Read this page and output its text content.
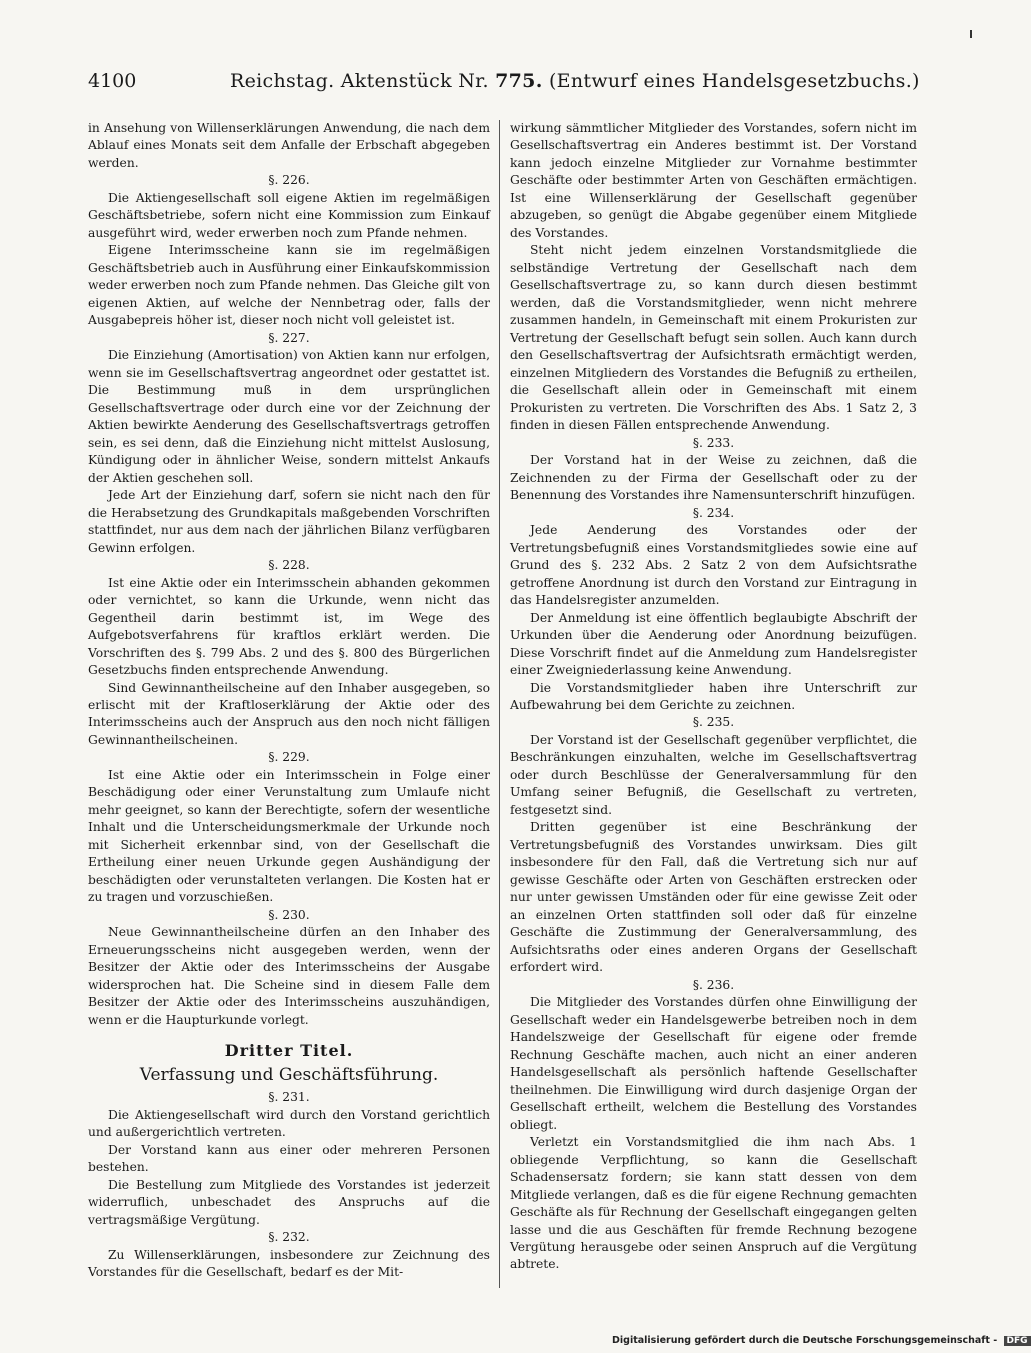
4100	Reichstag. Aktenstück Nr. 775. (Entwurf eines Handelsgesetzbuchs.)
in Ansehung von Willenserklärungen Anwendung, die nach dem Ablauf eines Monats seit dem Anfalle der Erbschaft abgegeben werden.
§. 226.
Die Aktiengesellschaft soll eigene Aktien im regelmäßigen Geschäftsbetriebe, sofern nicht eine Kommission zum Einkauf ausgeführt wird, weder erwerben noch zum Pfande nehmen.
Eigene Interimsscheine kann sie im regelmäßigen Geschäftsbetrieb auch in Ausführung einer Einkaufskommission weder erwerben noch zum Pfande nehmen. Das Gleiche gilt von eigenen Aktien, auf welche der Nennbetrag oder, falls der Ausgabepreis höher ist, dieser noch nicht voll geleistet ist.
§. 227.
Die Einziehung (Amortisation) von Aktien kann nur erfolgen, wenn sie im Gesellschaftsvertrag angeordnet oder gestattet ist. Die Bestimmung muß in dem ursprünglichen Gesellschaftsvertrage oder durch eine vor der Zeichnung der Aktien bewirkte Aenderung des Gesellschaftsvertrags getroffen sein, es sei denn, daß die Einziehung nicht mittelst Auslosung, Kündigung oder in ähnlicher Weise, sondern mittelst Ankaufs der Aktien geschehen soll.
Jede Art der Einziehung darf, sofern sie nicht nach den für die Herabsetzung des Grundkapitals maßgebenden Vorschriften stattfindet, nur aus dem nach der jährlichen Bilanz verfügbaren Gewinn erfolgen.
§. 228.
Ist eine Aktie oder ein Interimsschein abhanden gekommen oder vernichtet, so kann die Urkunde, wenn nicht das Gegentheil darin bestimmt ist, im Wege des Aufgebotsverfahrens für kraftlos erklärt werden. Die Vorschriften des §. 799 Abs. 2 und des §. 800 des Bürgerlichen Gesetzbuchs finden entsprechende Anwendung.
Sind Gewinnantheilscheine auf den Inhaber ausgegeben, so erlischt mit der Kraftloserklärung der Aktie oder des Interimsscheins auch der Anspruch aus den noch nicht fälligen Gewinnantheilscheinen.
§. 229.
Ist eine Aktie oder ein Interimsschein in Folge einer Beschädigung oder einer Verunstaltung zum Umlaufe nicht mehr geeignet, so kann der Berechtigte, sofern der wesentliche Inhalt und die Unterscheidungsmerkmale der Urkunde noch mit Sicherheit erkennbar sind, von der Gesellschaft die Ertheilung einer neuen Urkunde gegen Aushändigung der beschädigten oder verunstalteten verlangen. Die Kosten hat er zu tragen und vorzuschießen.
§. 230.
Neue Gewinnantheilscheine dürfen an den Inhaber des Erneuerungsscheins nicht ausgegeben werden, wenn der Besitzer der Aktie oder des Interimsscheins der Ausgabe widersprochen hat. Die Scheine sind in diesem Falle dem Besitzer der Aktie oder des Interimsscheins auszuhändigen, wenn er die Haupturkunde vorlegt.
Dritter Titel.
Verfassung und Geschäftsführung.
§. 231.
Die Aktiengesellschaft wird durch den Vorstand gerichtlich und außergerichtlich vertreten.
Der Vorstand kann aus einer oder mehreren Personen bestehen.
Die Bestellung zum Mitgliede des Vorstandes ist jederzeit widerruflich, unbeschadet des Anspruchs auf die vertragsmäßige Vergütung.
§. 232.
Zu Willenserklärungen, insbesondere zur Zeichnung des Vorstandes für die Gesellschaft, bedarf es der Mit-
wirkung sämmtlicher Mitglieder des Vorstandes, sofern nicht im Gesellschaftsvertrag ein Anderes bestimmt ist. Der Vorstand kann jedoch einzelne Mitglieder zur Vornahme bestimmter Geschäfte oder bestimmter Arten von Geschäften ermächtigen. Ist eine Willenserklärung der Gesellschaft gegenüber abzugeben, so genügt die Abgabe gegenüber einem Mitgliede des Vorstandes.
Steht nicht jedem einzelnen Vorstandsmitgliede die selbständige Vertretung der Gesellschaft nach dem Gesellschaftsvertrage zu, so kann durch diesen bestimmt werden, daß die Vorstandsmitglieder, wenn nicht mehrere zusammen handeln, in Gemeinschaft mit einem Prokuristen zur Vertretung der Gesellschaft befugt sein sollen. Auch kann durch den Gesellschaftsvertrag der Aufsichtsrath ermächtigt werden, einzelnen Mitgliedern des Vorstandes die Befugniß zu ertheilen, die Gesellschaft allein oder in Gemeinschaft mit einem Prokuristen zu vertreten. Die Vorschriften des Abs. 1 Satz 2, 3 finden in diesen Fällen entsprechende Anwendung.
§. 233.
Der Vorstand hat in der Weise zu zeichnen, daß die Zeichnenden zu der Firma der Gesellschaft oder zu der Benennung des Vorstandes ihre Namensunterschrift hinzufügen.
§. 234.
Jede Aenderung des Vorstandes oder der Vertretungsbefugniß eines Vorstandsmitgliedes sowie eine auf Grund des §. 232 Abs. 2 Satz 2 von dem Aufsichtsrathe getroffene Anordnung ist durch den Vorstand zur Eintragung in das Handelsregister anzumelden.
Der Anmeldung ist eine öffentlich beglaubigte Abschrift der Urkunden über die Aenderung oder Anordnung beizufügen. Diese Vorschrift findet auf die Anmeldung zum Handelsregister einer Zweigniederlassung keine Anwendung.
Die Vorstandsmitglieder haben ihre Unterschrift zur Aufbewahrung bei dem Gerichte zu zeichnen.
§. 235.
Der Vorstand ist der Gesellschaft gegenüber verpflichtet, die Beschränkungen einzuhalten, welche im Gesellschaftsvertrag oder durch Beschlüsse der Generalversammlung für den Umfang seiner Befugniß, die Gesellschaft zu vertreten, festgesetzt sind.
Dritten gegenüber ist eine Beschränkung der Vertretungsbefugniß des Vorstandes unwirksam. Dies gilt insbesondere für den Fall, daß die Vertretung sich nur auf gewisse Geschäfte oder Arten von Geschäften erstrecken oder nur unter gewissen Umständen oder für eine gewisse Zeit oder an einzelnen Orten stattfinden soll oder daß für einzelne Geschäfte die Zustimmung der Generalversammlung, des Aufsichtsraths oder eines anderen Organs der Gesellschaft erfordert wird.
§. 236.
Die Mitglieder des Vorstandes dürfen ohne Einwilligung der Gesellschaft weder ein Handelsgewerbe betreiben noch in dem Handelszweige der Gesellschaft für eigene oder fremde Rechnung Geschäfte machen, auch nicht an einer anderen Handelsgesellschaft als persönlich haftende Gesellschafter theilnehmen. Die Einwilligung wird durch dasjenige Organ der Gesellschaft ertheilt, welchem die Bestellung des Vorstandes obliegt.
Verletzt ein Vorstandsmitglied die ihm nach Abs. 1 obliegende Verpflichtung, so kann die Gesellschaft Schadensersatz fordern; sie kann statt dessen von dem Mitgliede verlangen, daß es die für eigene Rechnung gemachten Geschäfte als für Rechnung der Gesellschaft eingegangen gelten lasse und die aus Geschäften für fremde Rechnung bezogene Vergütung herausgebe oder seinen Anspruch auf die Vergütung abtrete.
Digitalisierung gefördert durch die Deutsche Forschungsgemeinschaft - DFG
